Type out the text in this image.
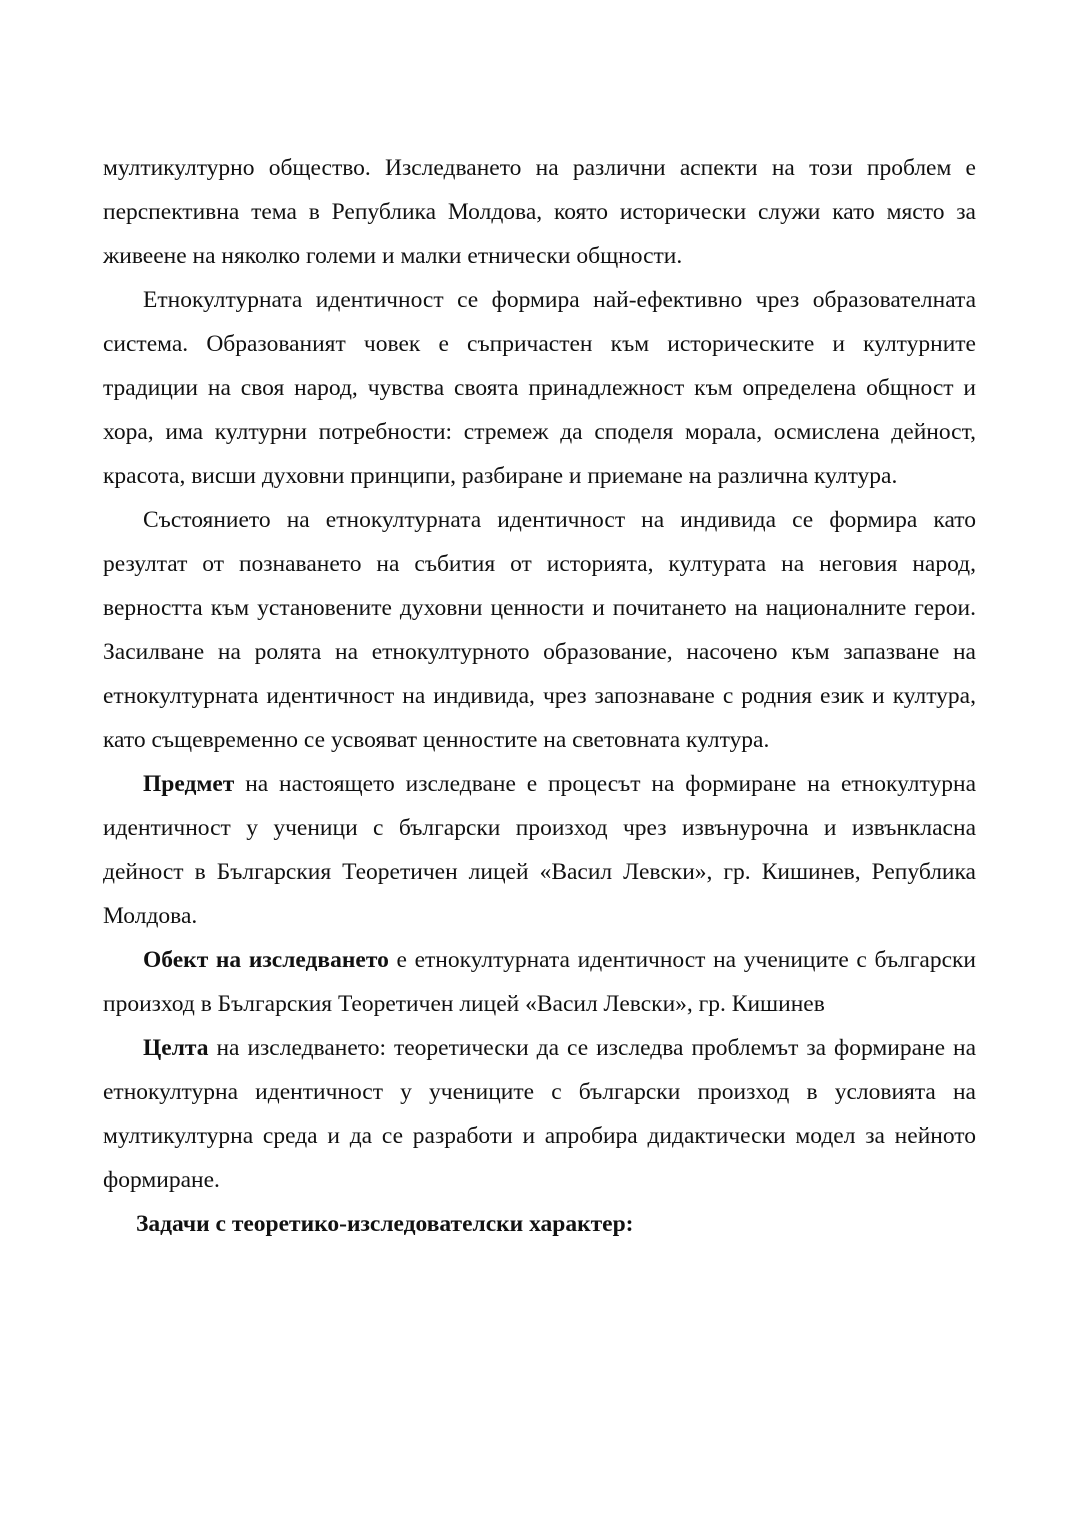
мултикултурно общество. Изследването на различни аспекти на този проблем е перспективна тема в Република Молдова, която исторически служи като място за живеене на няколко големи и малки етнически общности.

Етнокултурната идентичност се формира най-ефективно чрез образователната система. Образованият човек е съпричастен към историческите и културните традиции на своя народ, чувства своята принадлежност към определена общност и хора, има културни потребности: стремеж да споделя морала, осмислена дейност, красота, висши духовни принципи, разбиране и приемане на различна култура.

Състоянието на етнокултурната идентичност на индивида се формира като резултат от познаването на събития от историята, културата на неговия народ, верността към установените духовни ценности и почитането на националните герои. Засилване на ролята на етнокултурното образование, насочено към запазване на етнокултурната идентичност на индивида, чрез запознаване с родния език и култура, като същевременно се усвояват ценностите на световната култура.

Предмет на настоящето изследване е процесът на формиране на етнокултурна идентичност у ученици с български произход чрез извънурочна и извънкласна дейност в Българския Теоретичен лицей «Васил Левски», гр. Кишинев, Република Молдова.

Обект на изследването е етнокултурната идентичност на учениците с български произход в Българския Теоретичен лицей «Васил Левски», гр. Кишинев

Целта на изследването: теоретически да се изследва проблемът за формиране на етнокултурна идентичност у учениците с български произход в условията на мултикултурна среда и да се разработи и апробира дидактически модел за нейното формиране.

Задачи с теоретико-изследователски характер:
